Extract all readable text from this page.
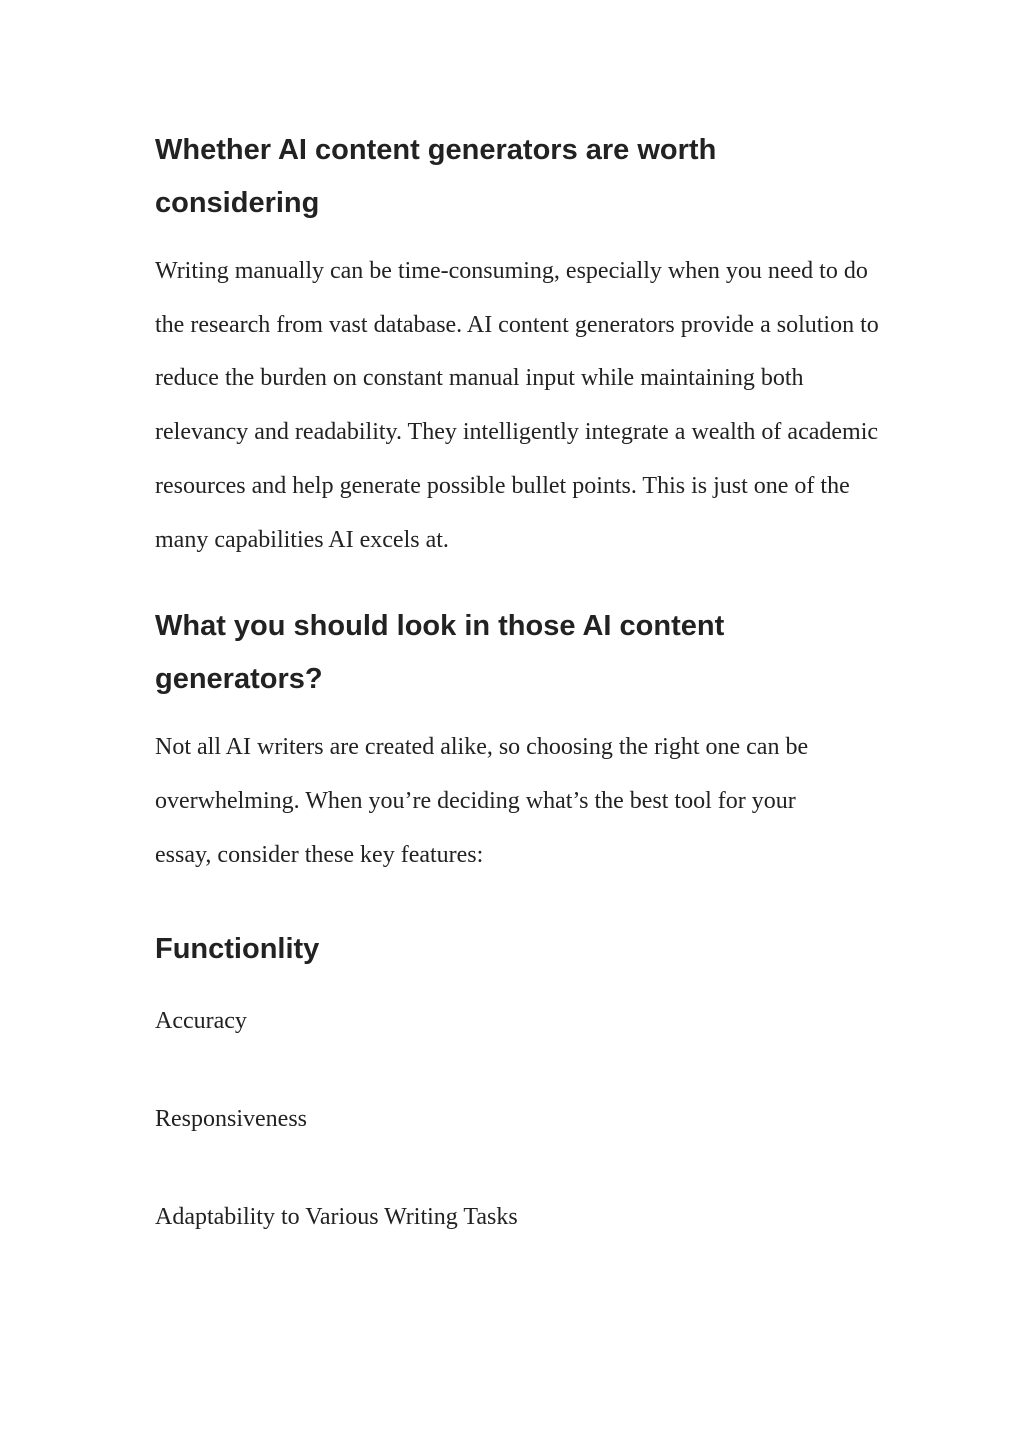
Whether AI content generators are worth considering

Writing manually can be time-consuming, especially when you need to do the research from vast database. AI content generators provide a solution to reduce the burden on constant manual input while maintaining both relevancy and readability. They intelligently integrate a wealth of academic resources and help generate possible bullet points. This is just one of the many capabilities AI excels at.

What you should look in those AI content generators?

Not all AI writers are created alike, so choosing the right one can be overwhelming. When you’re deciding what’s the best tool for your essay, consider these key features:

Functionlity

Accuracy

Responsiveness

Adaptability to Various Writing Tasks
